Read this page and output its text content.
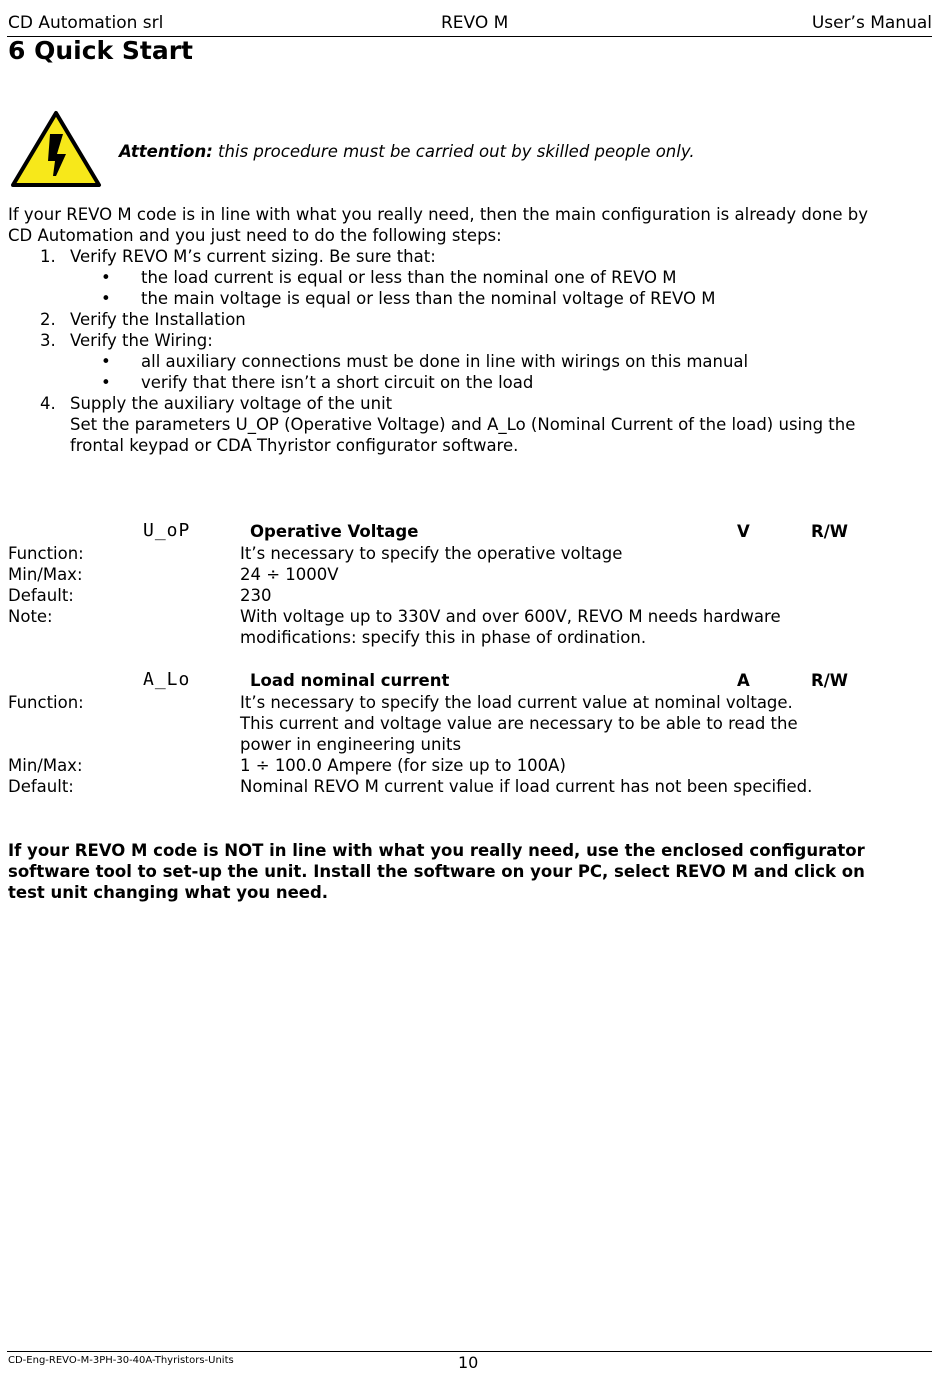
CD Automation srl	REVO M	User’s Manual
6 Quick Start
Attention: this procedure must be carried out by skilled people only.
If your REVO M code is in line with what you really need, then the main configuration is already done by
CD Automation and you just need to do the following steps:
1. Verify REVO M’s current sizing. Be sure that:
• the load current is equal or less than the nominal one of REVO M
• the main voltage is equal or less than the nominal voltage of REVO M
2. Verify the Installation
3. Verify the Wiring:
• all auxiliary connections must be done in line with wirings on this manual
• verify that there isn’t a short circuit on the load
4. Supply the auxiliary voltage of the unit
Set the parameters U_OP (Operative Voltage) and A_Lo (Nominal Current of the load) using the
frontal keypad or CDA Thyristor configurator software.
U_oP	Operative Voltage	V	R/W
Function:	It’s necessary to specify the operative voltage
Min/Max:	24 ÷ 1000V
Default:	230
Note:	With voltage up to 330V and over 600V, REVO M needs hardware
modifications: specify this in phase of ordination.
A_Lo	Load nominal current	A	R/W
Function:	It’s necessary to specify the load current value at nominal voltage.
This current and voltage value are necessary to be able to read the
power in engineering units
Min/Max:	1 ÷ 100.0 Ampere (for size up to 100A)
Default:	Nominal REVO M current value if load current has not been specified.
If your REVO M code is NOT in line with what you really need, use the enclosed configurator
software tool to set-up the unit. Install the software on your PC, select REVO M and click on
test unit changing what you need.
CD-Eng-REVO-M-3PH-30-40A-Thyristors-Units	10
